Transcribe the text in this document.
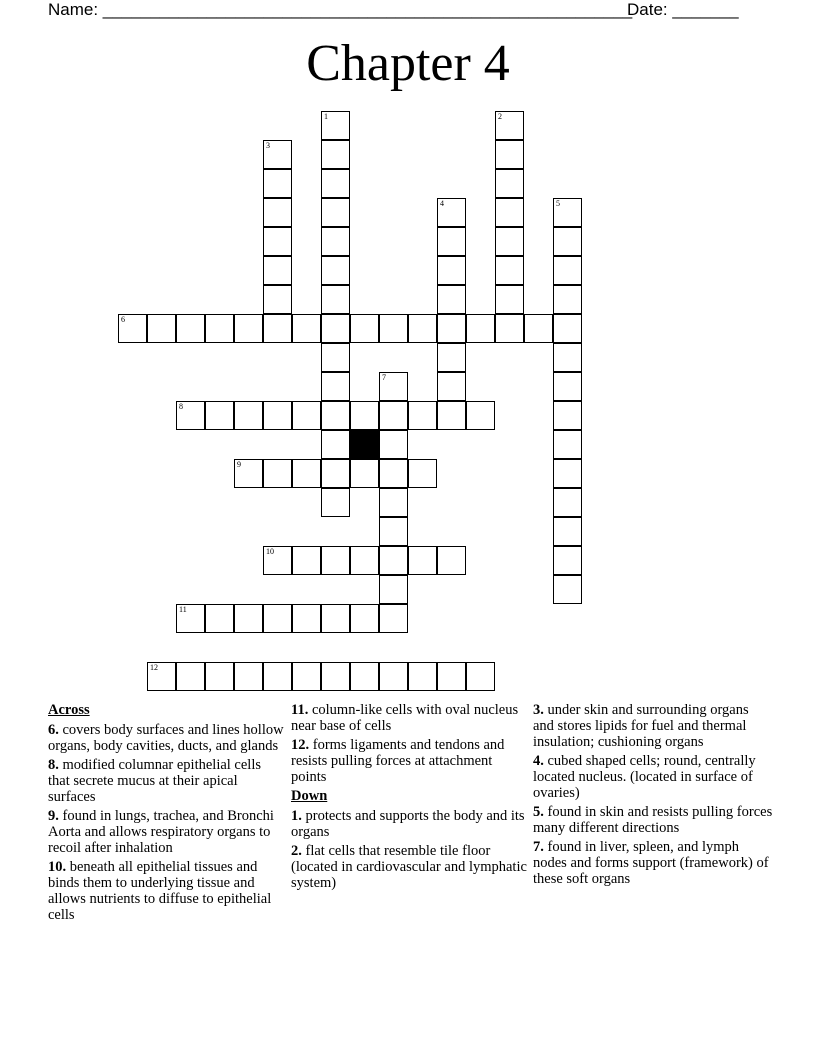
Name: ________________________________________________________
Date: _______
Chapter 4
1	2
3
4	5
7
6
8
9
10
11
12
Across
6. covers body surfaces and lines hollow organs, body cavities, ducts, and glands
8. modified columnar epithelial cells that secrete mucus at their apical surfaces
9. found in lungs, trachea, and Bronchi Aorta and allows respiratory organs to recoil after inhalation
10. beneath all epithelial tissues and binds them to underlying tissue and allows nutrients to diffuse to epithelial cells
11. column-like cells with oval nucleus near base of cells
12. forms ligaments and tendons and resists pulling forces at attachment points
Down
1. protects and supports the body and its organs
2. flat cells that resemble tile floor (located in cardiovascular and lymphatic system)
3. under skin and surrounding organs and stores lipids for fuel and thermal insulation; cushioning organs
4. cubed shaped cells; round, centrally located nucleus. (located in surface of ovaries)
5. found in skin and resists pulling forces many different directions
7. found in liver, spleen, and lymph nodes and forms support (framework) of these soft organs
